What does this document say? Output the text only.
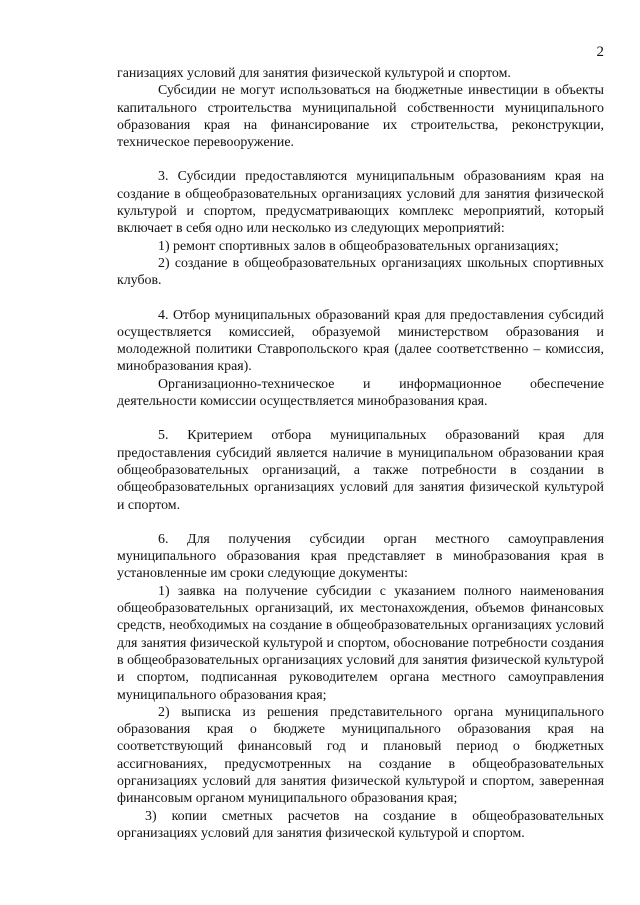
2

ганизациях условий для занятия физической культурой и спортом.

Субсидии не могут использоваться на бюджетные инвестиции в объекты капитального строительства муниципальной собственности муниципального образования края на финансирование их строительства, реконструкции, техническое перевооружение.

3. Субсидии предоставляются муниципальным образованиям края на создание в общеобразовательных организациях условий для занятия физической культурой и спортом, предусматривающих комплекс мероприятий, который включает в себя одно или несколько из следующих мероприятий:

1) ремонт спортивных залов в общеобразовательных организациях;

2) создание в общеобразовательных организациях школьных спортивных клубов.

4. Отбор муниципальных образований края для предоставления субсидий осуществляется комиссией, образуемой министерством образования и молодежной политики Ставропольского края (далее соответственно – комиссия, минобразования края).

Организационно-техническое и информационное обеспечение деятельности комиссии осуществляется минобразования края.

5. Критерием отбора муниципальных образований края для предоставления субсидий является наличие в муниципальном образовании края общеобразовательных организаций, а также потребности в создании в общеобразовательных организациях условий для занятия физической культурой и спортом.

6. Для получения субсидии орган местного самоуправления муниципального образования края представляет в минобразования края в установленные им сроки следующие документы:

1) заявка на получение субсидии с указанием полного наименования общеобразовательных организаций, их местонахождения, объемов финансовых средств, необходимых на создание в общеобразовательных организациях условий для занятия физической культурой и спортом, обоснование потребности создания в общеобразовательных организациях условий для занятия физической культурой и спортом, подписанная руководителем органа местного самоуправления муниципального образования края;

2) выписка из решения представительного органа муниципального образования края о бюджете муниципального образования края на соответствующий финансовый год и плановый период о бюджетных ассигнованиях, предусмотренных на создание в общеобразовательных организациях условий для занятия физической культурой и спортом, заверенная финансовым органом муниципального образования края;

3) копии сметных расчетов на создание в общеобразовательных организациях условий для занятия физической культурой и спортом.
